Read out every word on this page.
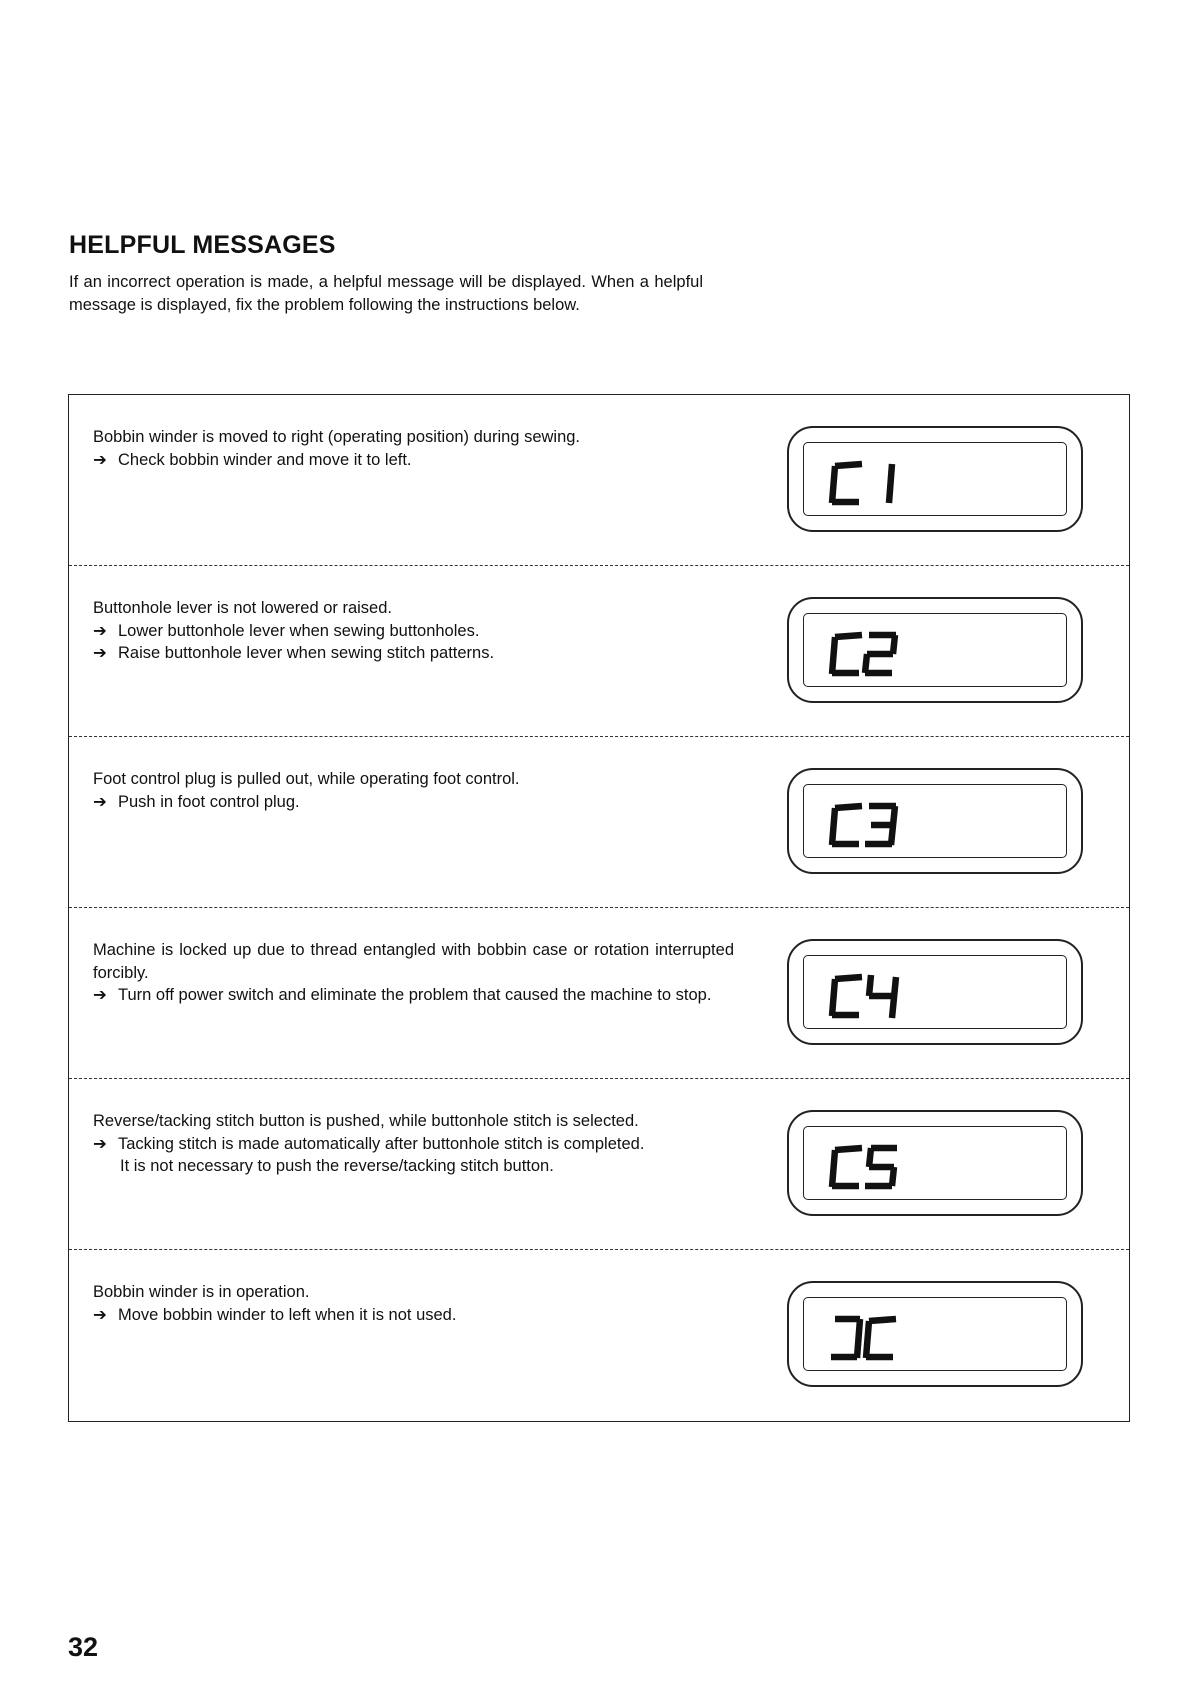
HELPFUL MESSAGES
If an incorrect operation is made, a helpful message will be displayed. When a helpful message is displayed, fix the problem following the instructions below.

Bobbin winder is moved to right (operating position) during sewing.

➔ Check bobbin winder and move it to left.

Buttonhole lever is not lowered or raised.

➔ Lower buttonhole lever when sewing buttonholes.
➔ Raise buttonhole lever when sewing stitch patterns.

Foot control plug is pulled out, while operating foot control.

➔ Push in foot control plug.

Machine is locked up due to thread entangled with bobbin case or rotation interrupted forcibly.

➔ Turn off power switch and eliminate the problem that caused the machine to stop.

Reverse/tacking stitch button is pushed, while buttonhole stitch is selected.

➔ Tacking stitch is made automatically after buttonhole stitch is completed.
It is not necessary to push the reverse/tacking stitch button.

Bobbin winder is in operation.

➔ Move bobbin winder to left when it is not used.
32
